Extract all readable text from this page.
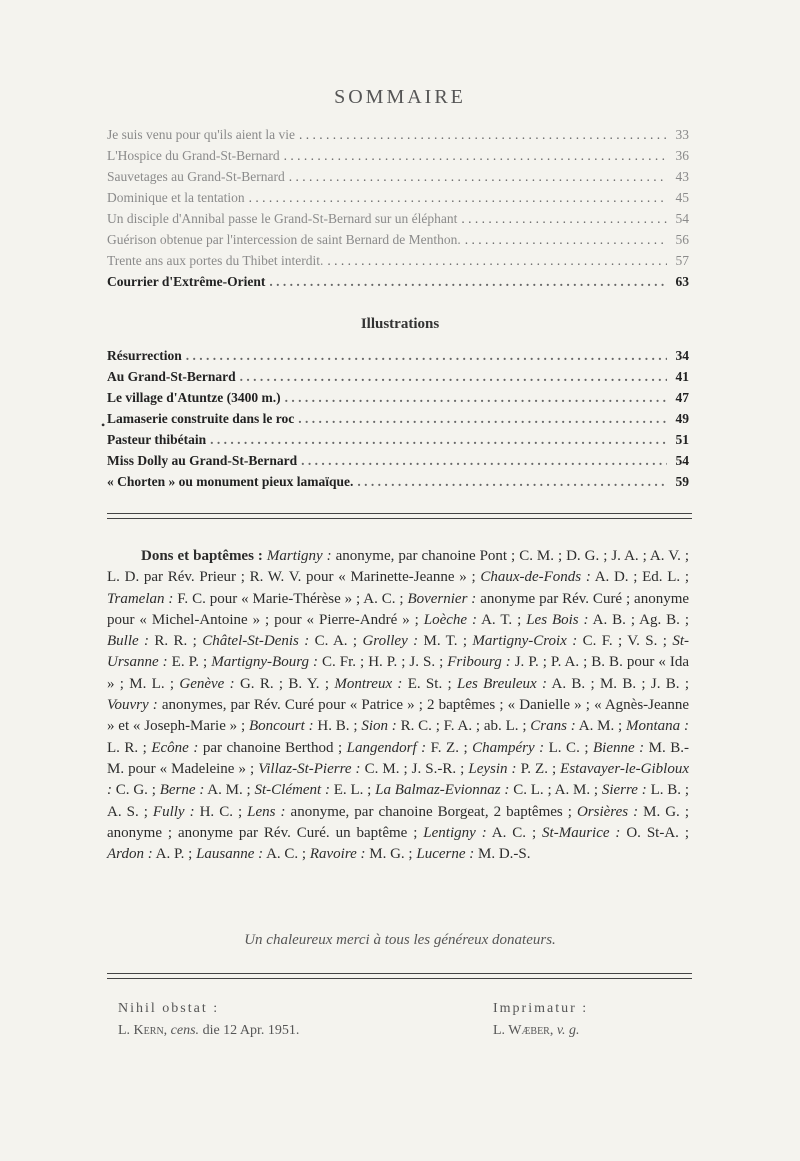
SOMMAIRE
Je suis venu pour qu'ils aient la vie . . .	33
L'Hospice du Grand-St-Bernard . . .	36
Sauvetages au Grand-St-Bernard . . .	43
Dominique et la tentation . . .	45
Un disciple d'Annibal passe le Grand-St-Bernard sur un éléphant . . .	54
Guérison obtenue par l'intercession de saint Bernard de Menthon. . . .	56
Trente ans aux portes du Thibet interdit. . . .	57
Courrier d'Extrême-Orient . . .	63
Illustrations
•
Résurrection . . .	34
Au Grand-St-Bernard . . .	41
Le village d'Atuntze (3400 m.) . . .	47
Lamaserie construite dans le roc . . .	49
Pasteur thibétain . . .	51
Miss Dolly au Grand-St-Bernard . . .	54
« Chorten » ou monument pieux lamaïque. . . .	59
Dons et baptêmes : Martigny : anonyme, par chanoine Pont ; C. M. ; D. G. ; J. A. ; A. V. ; L. D. par Rév. Prieur ; R. W. V. pour « Marinette-Jeanne » ; Chaux-de-Fonds : A. D. ; Ed. L. ; Tramelan : F. C. pour « Marie-Thérèse » ; A. C. ; Bovernier : anonyme par Rév. Curé ; anonyme pour « Michel-Antoine » ; pour « Pierre-André » ; Loèche : A. T. ; Les Bois : A. B. ; Ag. B. ; Bulle : R. R. ; Châtel-St-Denis : C. A. ; Grolley : M. T. ; Martigny-Croix : C. F. ; V. S. ; St-Ursanne : E. P. ; Martigny-Bourg : C. Fr. ; H. P. ; J. S. ; Fribourg : J. P. ; P. A. ; B. B. pour « Ida » ; M. L. ; Genève : G. R. ; B. Y. ; Montreux : E. St. ; Les Breuleux : A. B. ; M. B. ; J. B. ; Vouvry : anonymes, par Rév. Curé pour « Patrice » ; 2 baptêmes ; « Danielle » ; « Agnès-Jeanne » et « Joseph-Marie » ; Boncourt : H. B. ; Sion : R. C. ; F. A. ; ab. L. ; Crans : A. M. ; Montana : L. R. ; Ecône : par chanoine Berthod ; Langendorf : F. Z. ; Champéry : L. C. ; Bienne : M. B.-M. pour « Madeleine » ; Villaz-St-Pierre : C. M. ; J. S.-R. ; Leysin : P. Z. ; Estavayer-le-Gibloux : C. G. ; Berne : A. M. ; St-Clément : E. L. ; La Balmaz-Evionnaz : C. L. ; A. M. ; Sierre : L. B. ; A. S. ; Fully : H. C. ; Lens : anonyme, par chanoine Borgeat, 2 baptêmes ; Orsières : M. G. ; anonyme ; anonyme par Rév. Curé. un baptême ; Lentigny : A. C. ; St-Maurice : O. St-A. ; Ardon : A. P. ; Lausanne : A. C. ; Ravoire : M. G. ; Lucerne : M. D.-S.
Un chaleureux merci à tous les généreux donateurs.
Nihil obstat :
L. Kern, cens. die 12 Apr. 1951.
Imprimatur :
L. Wæber, v. g.
